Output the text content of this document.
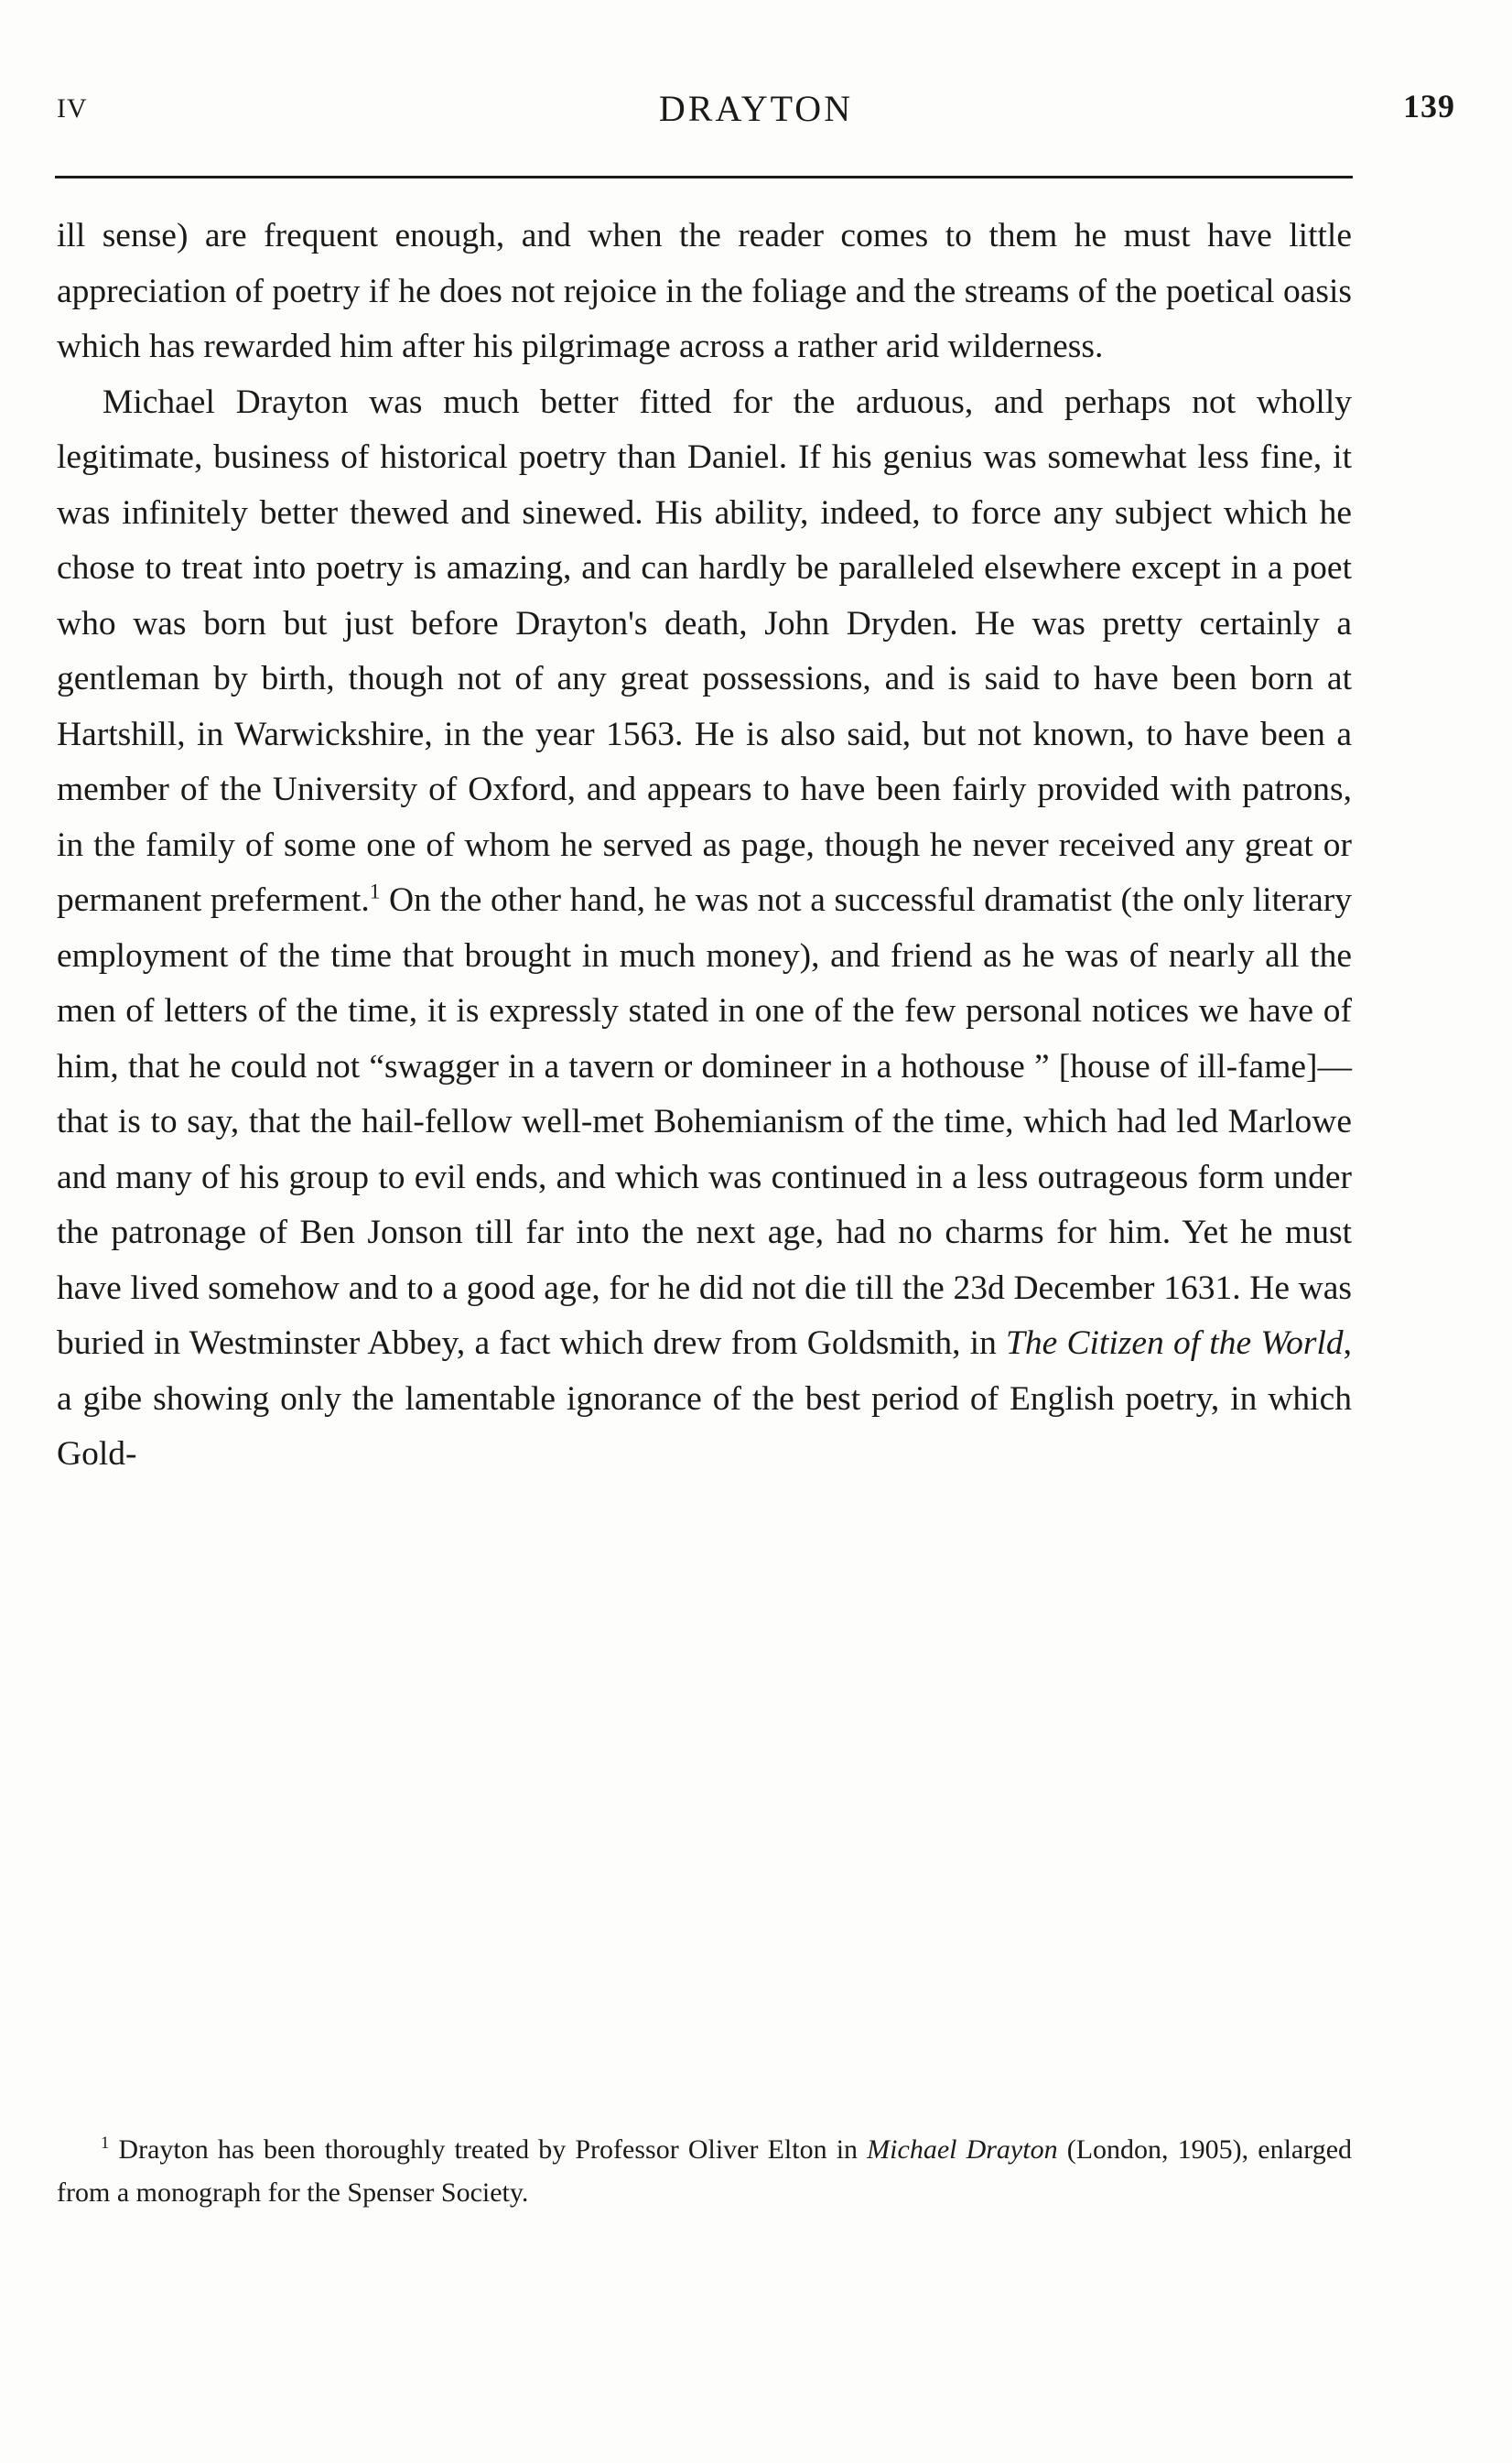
IV	DRAYTON	139

ill sense) are frequent enough, and when the reader comes to them he must have little appreciation of poetry if he does not rejoice in the foliage and the streams of the poetical oasis which has rewarded him after his pilgrimage across a rather arid wilderness.

Michael Drayton was much better fitted for the arduous, and perhaps not wholly legitimate, business of historical poetry than Daniel. If his genius was somewhat less fine, it was infinitely better thewed and sinewed. His ability, indeed, to force any subject which he chose to treat into poetry is amazing, and can hardly be paralleled elsewhere except in a poet who was born but just before Drayton's death, John Dryden. He was pretty certainly a gentleman by birth, though not of any great possessions, and is said to have been born at Hartshill, in Warwickshire, in the year 1563. He is also said, but not known, to have been a member of the University of Oxford, and appears to have been fairly provided with patrons, in the family of some one of whom he served as page, though he never received any great or permanent preferment.$^1$ On the other hand, he was not a successful dramatist (the only literary employment of the time that brought in much money), and friend as he was of nearly all the men of letters of the time, it is expressly stated in one of the few personal notices we have of him, that he could not “swagger in a tavern or domineer in a hothouse ” [house of ill-fame]—that is to say, that the hail-fellow well-met Bohemianism of the time, which had led Marlowe and many of his group to evil ends, and which was continued in a less outrageous form under the patronage of Ben Jonson till far into the next age, had no charms for him. Yet he must have lived somehow and to a good age, for he did not die till the 23d December 1631. He was buried in Westminster Abbey, a fact which drew from Goldsmith, in The Citizen of the World, a gibe showing only the lamentable ignorance of the best period of English poetry, in which Gold-

$^1$ Drayton has been thoroughly treated by Professor Oliver Elton in Michael Drayton (London, 1905), enlarged from a monograph for the Spenser Society.
